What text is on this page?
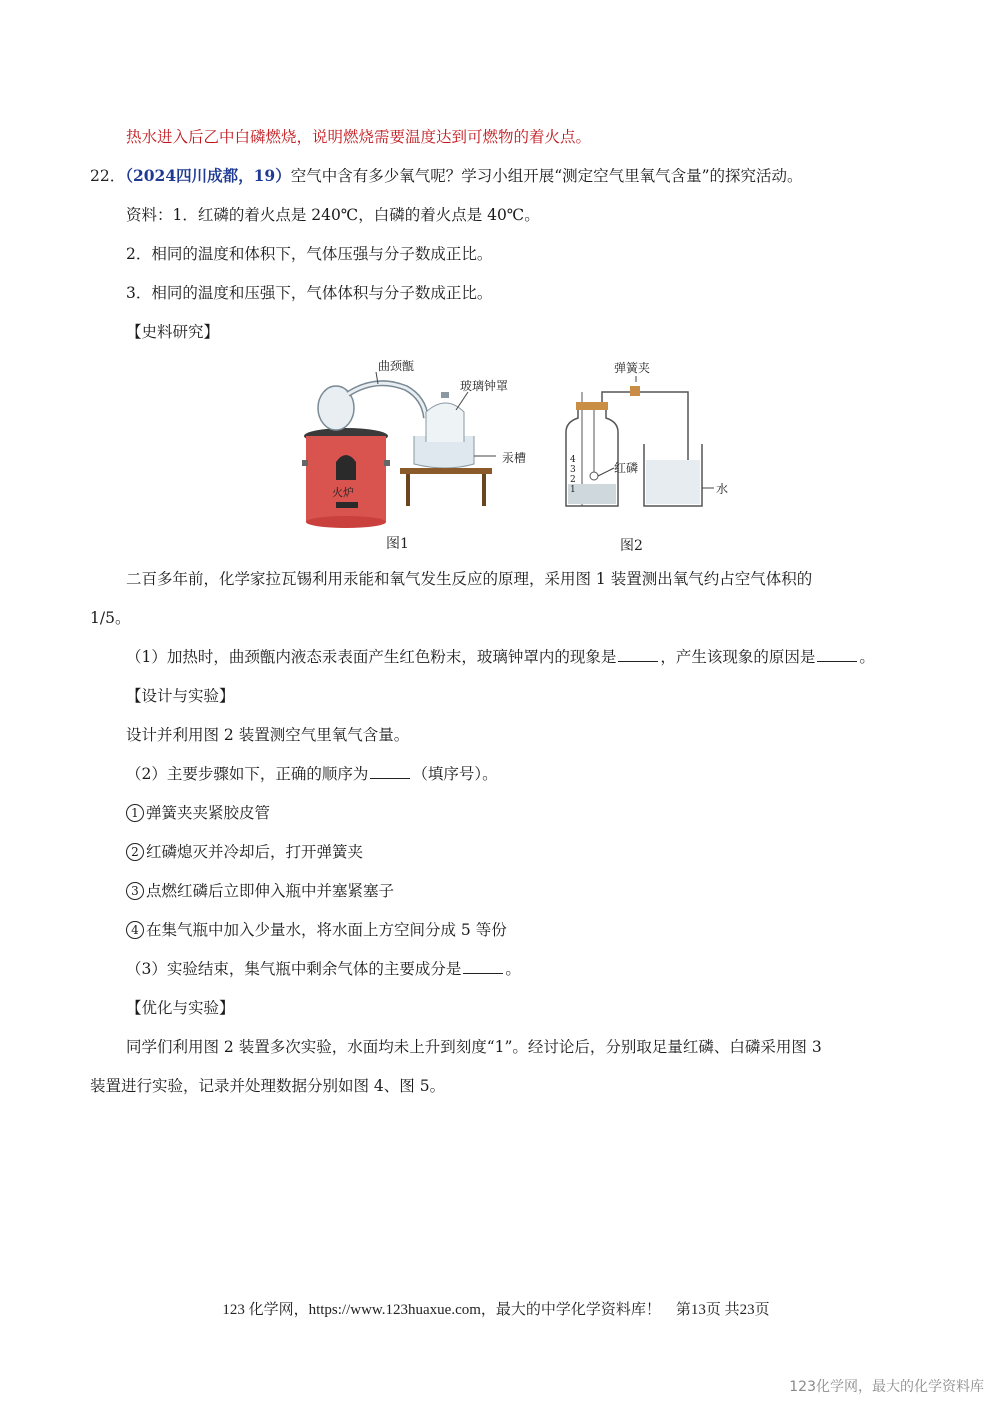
热水进入后乙中白磷燃烧，说明燃烧需要温度达到可燃物的着火点。
22．（2024四川成都，19）空气中含有多少氧气呢？学习小组开展“测定空气里氧气含量”的探究活动。
资料：1．红磷的着火点是 240℃，白磷的着火点是 40℃。
2．相同的温度和体积下，气体压强与分子数成正比。
3．相同的温度和压强下，气体体积与分子数成正比。
【史料研究】
火炉
曲颈甑
玻璃钟罩
汞槽
图1
4
3
2
1
红磷
弹簧夹
水
图2
二百多年前，化学家拉瓦锡利用汞能和氧气发生反应的原理，采用图 1 装置测出氧气约占空气体积的
1/5。
（1）加热时，曲颈甑内液态汞表面产生红色粉末，玻璃钟罩内的现象是	，产生该现象的原因是	。
【设计与实验】
设计并利用图 2 装置测空气里氧气含量。
（2）主要步骤如下，正确的顺序为	（填序号）。
1 弹簧夹夹紧胶皮管
2 红磷熄灭并冷却后，打开弹簧夹
3 点燃红磷后立即伸入瓶中并塞紧塞子
4 在集气瓶中加入少量水，将水面上方空间分成 5 等份
（3）实验结束，集气瓶中剩余气体的主要成分是	。
【优化与实验】
同学们利用图 2 装置多次实验，水面均未上升到刻度“1”。经讨论后，分别取足量红磷、白磷采用图 3
装置进行实验，记录并处理数据分别如图 4、图 5。
123 化学网，https://www.123huaxue.com，最大的中学化学资料库！　第13页 共23页
123化学网，最大的化学资料库
